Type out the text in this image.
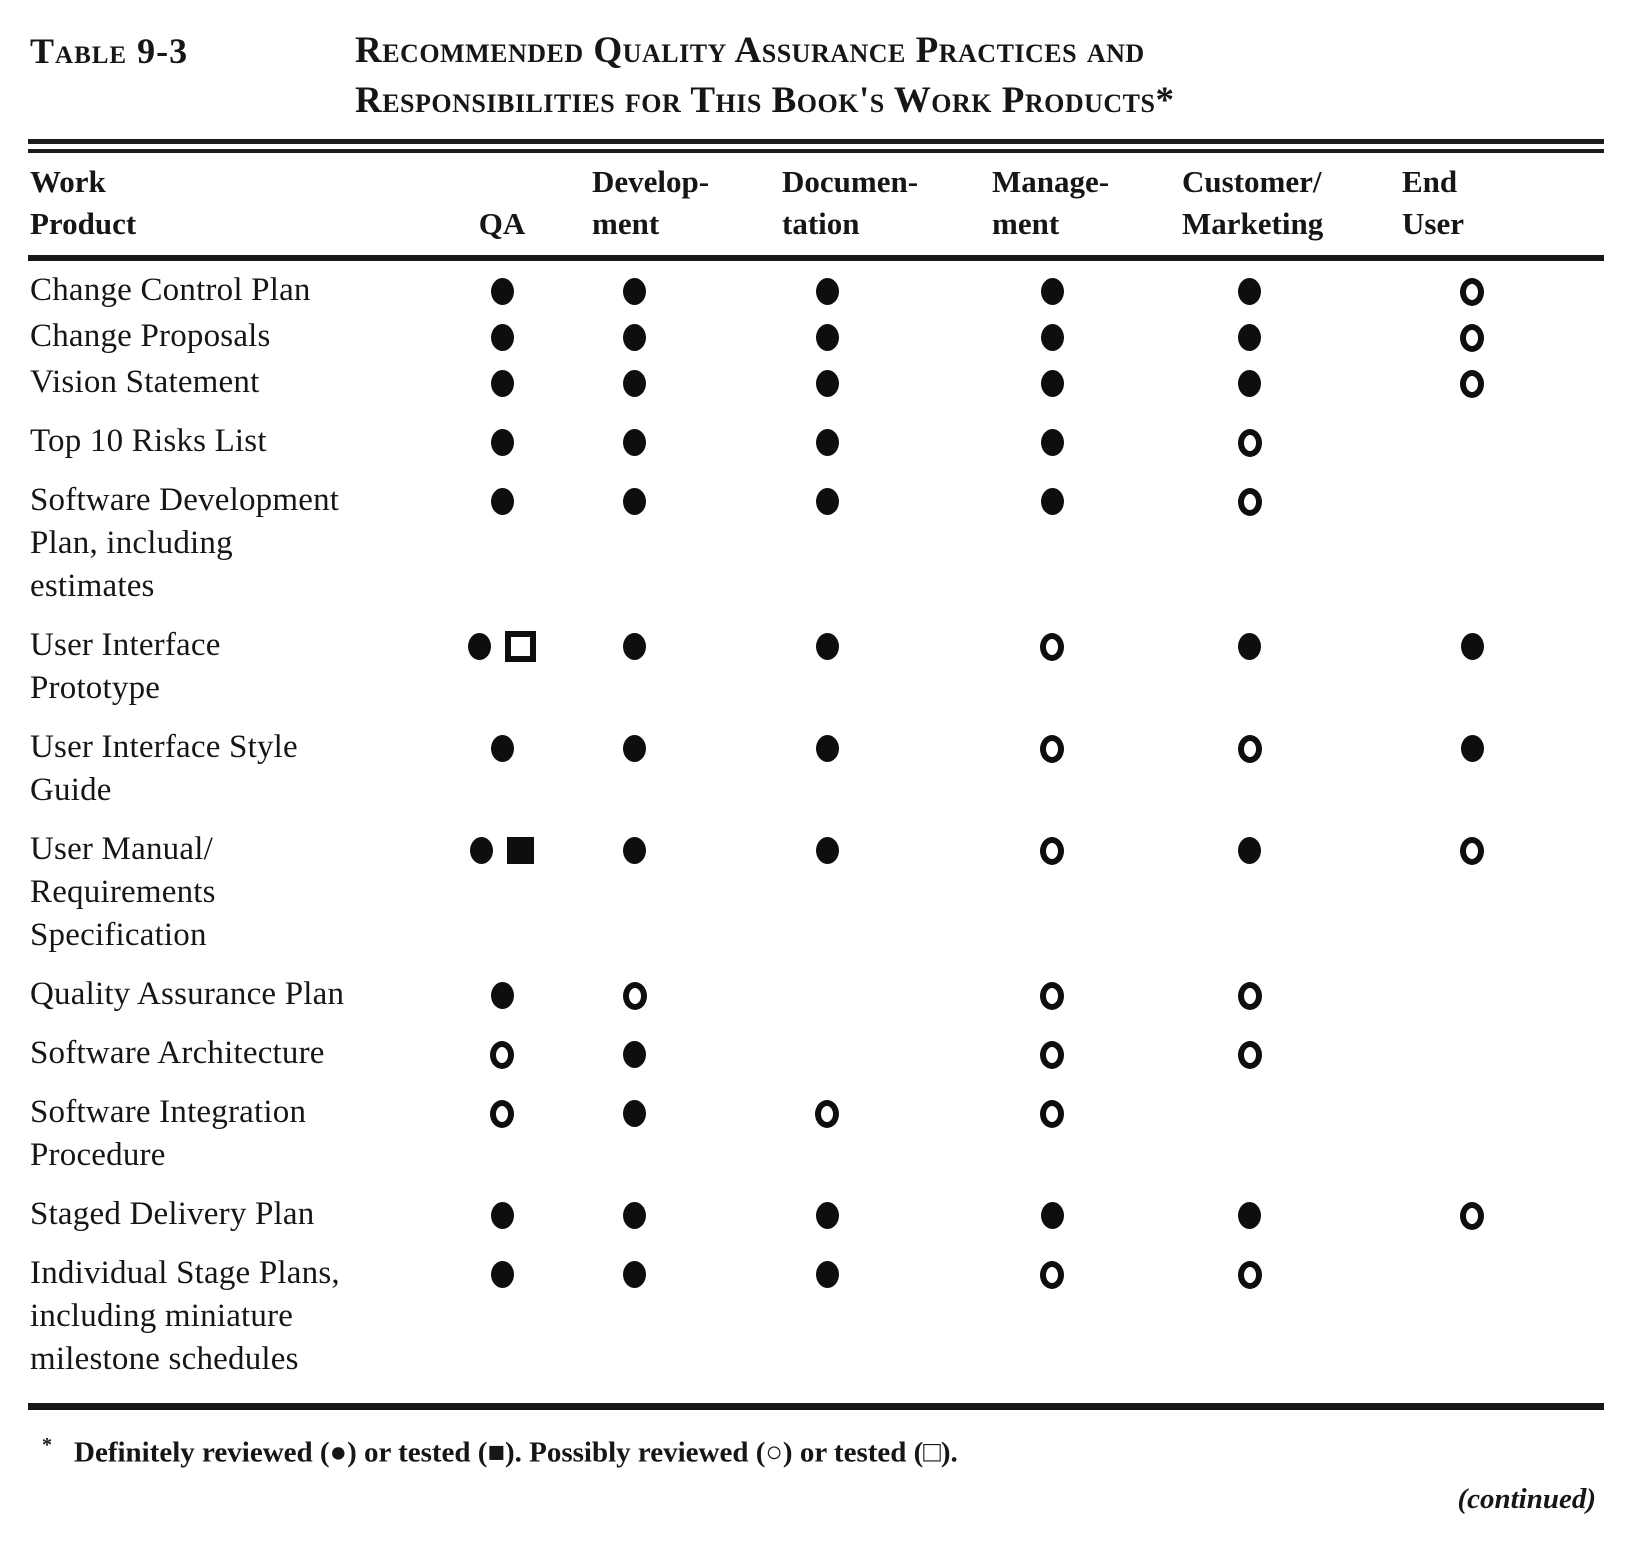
Table 9-3	Recommended Quality Assurance Practices and
Responsibilities for This Book's Work Products*
Work
Product	QA
Develop-
ment
Documen-
tation
Manage-
ment
Customer/
Marketing
End
User
Change Control Plan
Change Proposals
Vision Statement
Top 10 Risks List
Software Development
Plan, including
estimates
User Interface
Prototype
User Interface Style
Guide
User Manual/
Requirements
Specification
Quality Assurance Plan
Software Architecture
Software Integration
Procedure
Staged Delivery Plan
Individual Stage Plans,
including miniature
milestone schedules
* Definitely reviewed (●) or tested (■). Possibly reviewed (○) or tested (□).
(continued)
